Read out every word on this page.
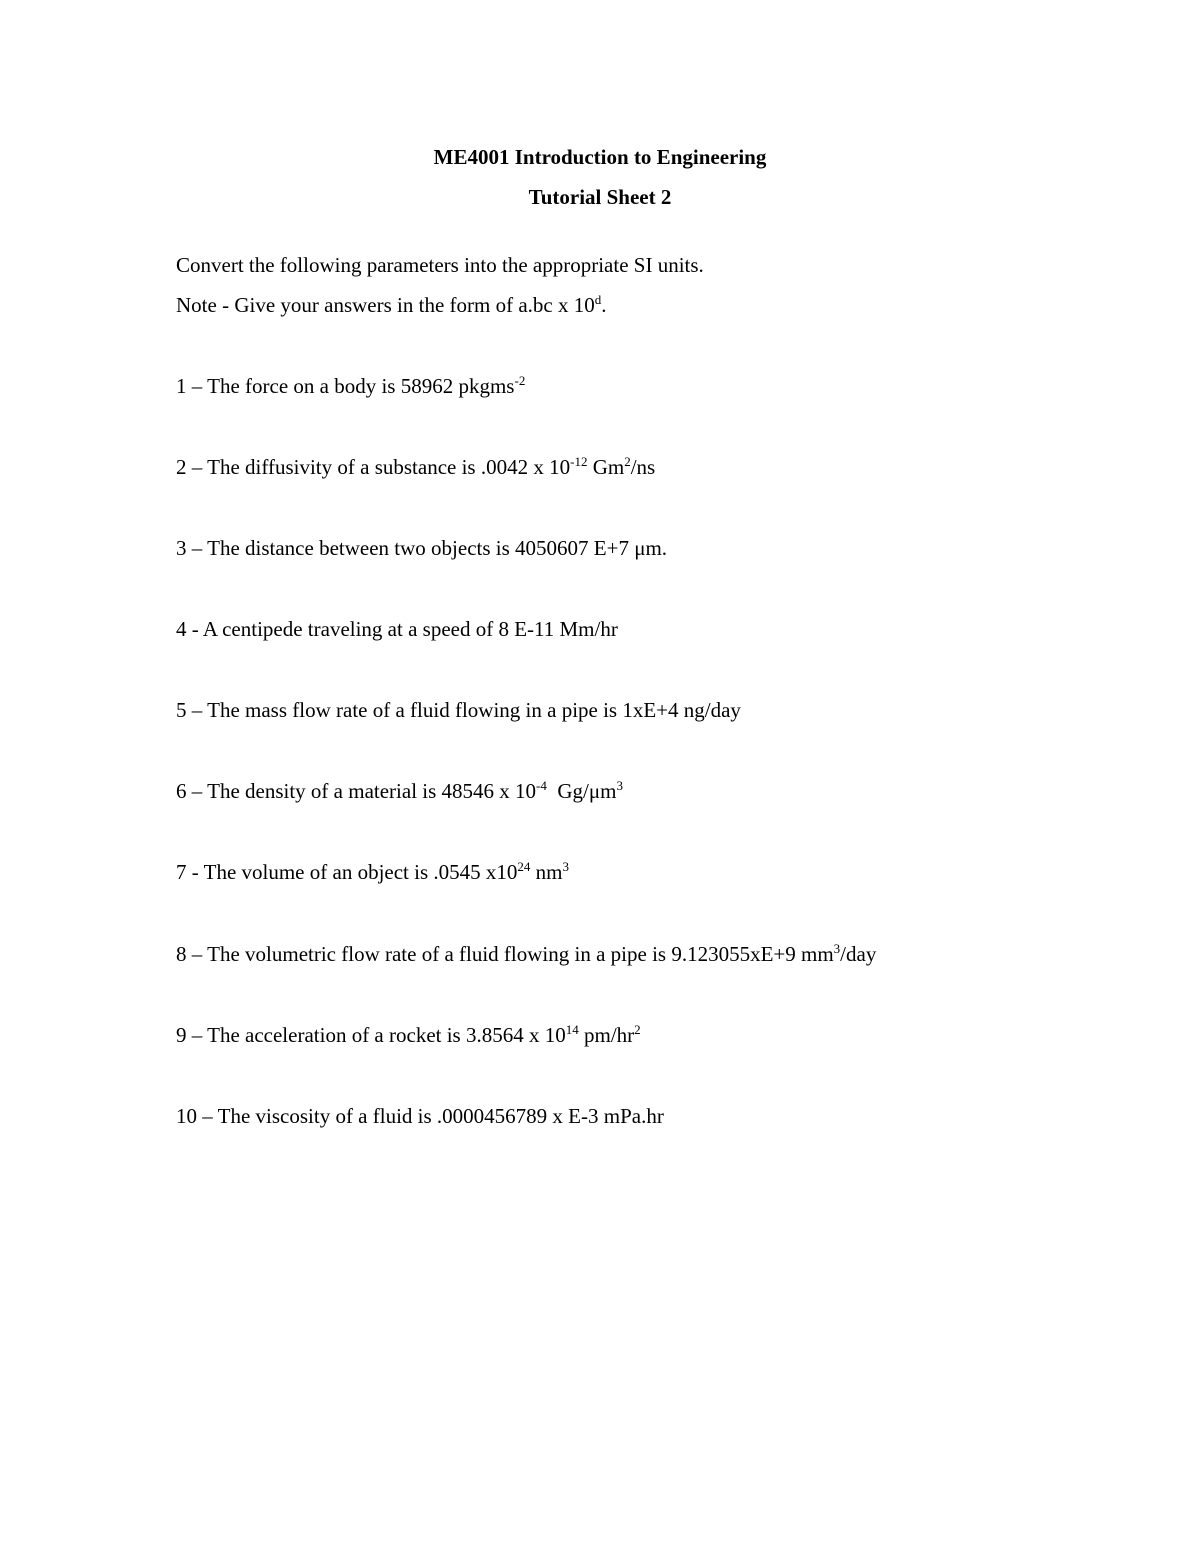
ME4001 Introduction to Engineering
Tutorial Sheet 2
Convert the following parameters into the appropriate SI units.
Note - Give your answers in the form of a.bc x 10$^d$.
1 – The force on a body is 58962 pkgms$^{-2}$
2 – The diffusivity of a substance is .0042 x $10^{-12}$ Gm$^2$/ns
3 – The distance between two objects is 4050607 E+7 μm.
4 - A centipede traveling at a speed of 8 E-11 Mm/hr
5 – The mass flow rate of a fluid flowing in a pipe is 1xE+4 ng/day
6 – The density of a material is 48546 x $10^{-4}$  $Gg/\mu m^3$
7 - The volume of an object is .0545 $x10^{24}$ $nm^3$
8 – The volumetric flow rate of a fluid flowing in a pipe is 9.123055xE+9 $mm^3$/day
9 – The acceleration of a rocket is 3.8564 x $10^{14}$ $pm/hr^2$
10 – The viscosity of a fluid is .0000456789 x E-3 mPa.hr
